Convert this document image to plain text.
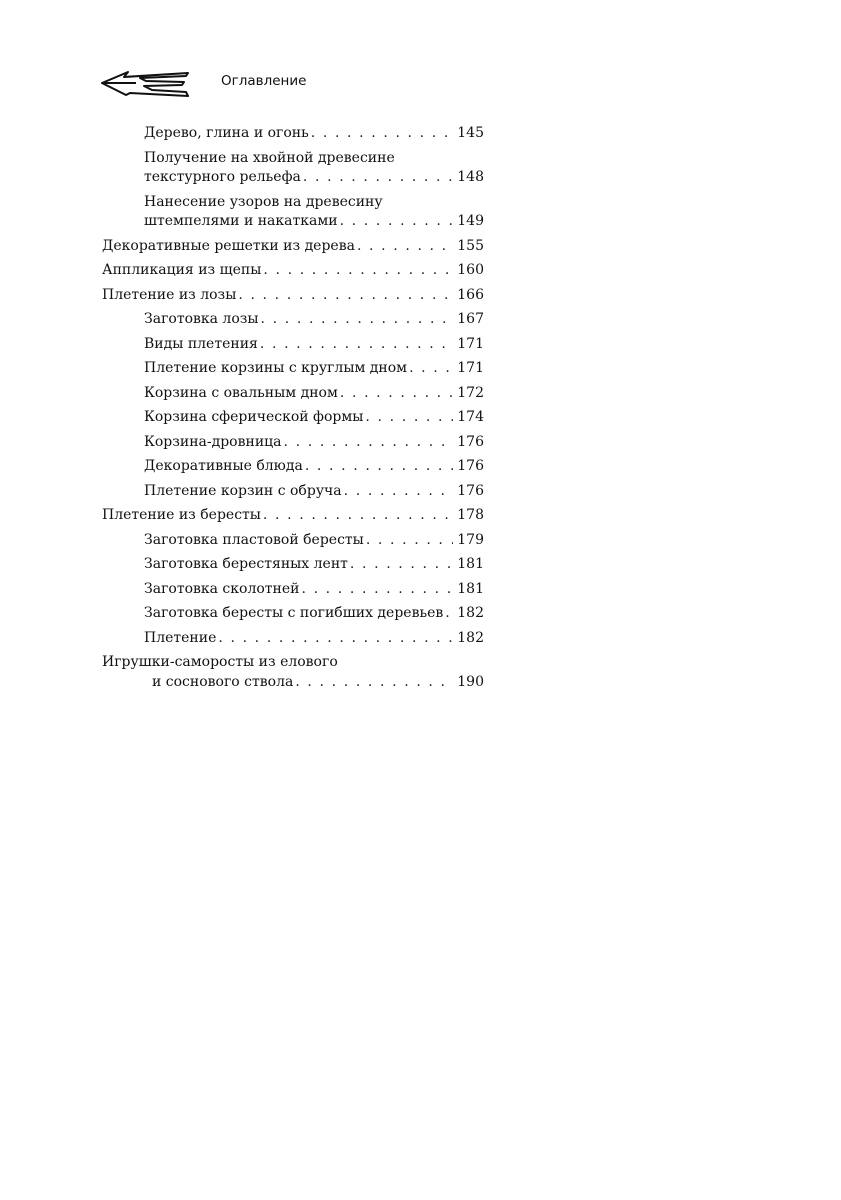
Оглавление
Дерево, глина и огонь . . .	145
Получение на хвойной древесине
текстурного рельефа . . .	148
Нанесение узоров на древесину
штемпелями и накатками . . .	149
Декоративные решетки из дерева . . .	155
Аппликация из щепы . . .	160
Плетение из лозы . . .	166
Заготовка лозы . . .	167
Виды плетения . . .	171
Плетение корзины с круглым дном . . .	171
Корзина с овальным дном . . .	172
Корзина сферической формы . . .	174
Корзина-дровница . . .	176
Декоративные блюда . . .	176
Плетение корзин с обруча . . .	176
Плетение из бересты . . .	178
Заготовка пластовой бересты . . .	179
Заготовка берестяных лент . . .	181
Заготовка сколотней . . .	181
Заготовка бересты с погибших деревьев . . . 182
Плетение . . .	182
Игрушки-саморосты из елового
и соснового ствола . . .	190
